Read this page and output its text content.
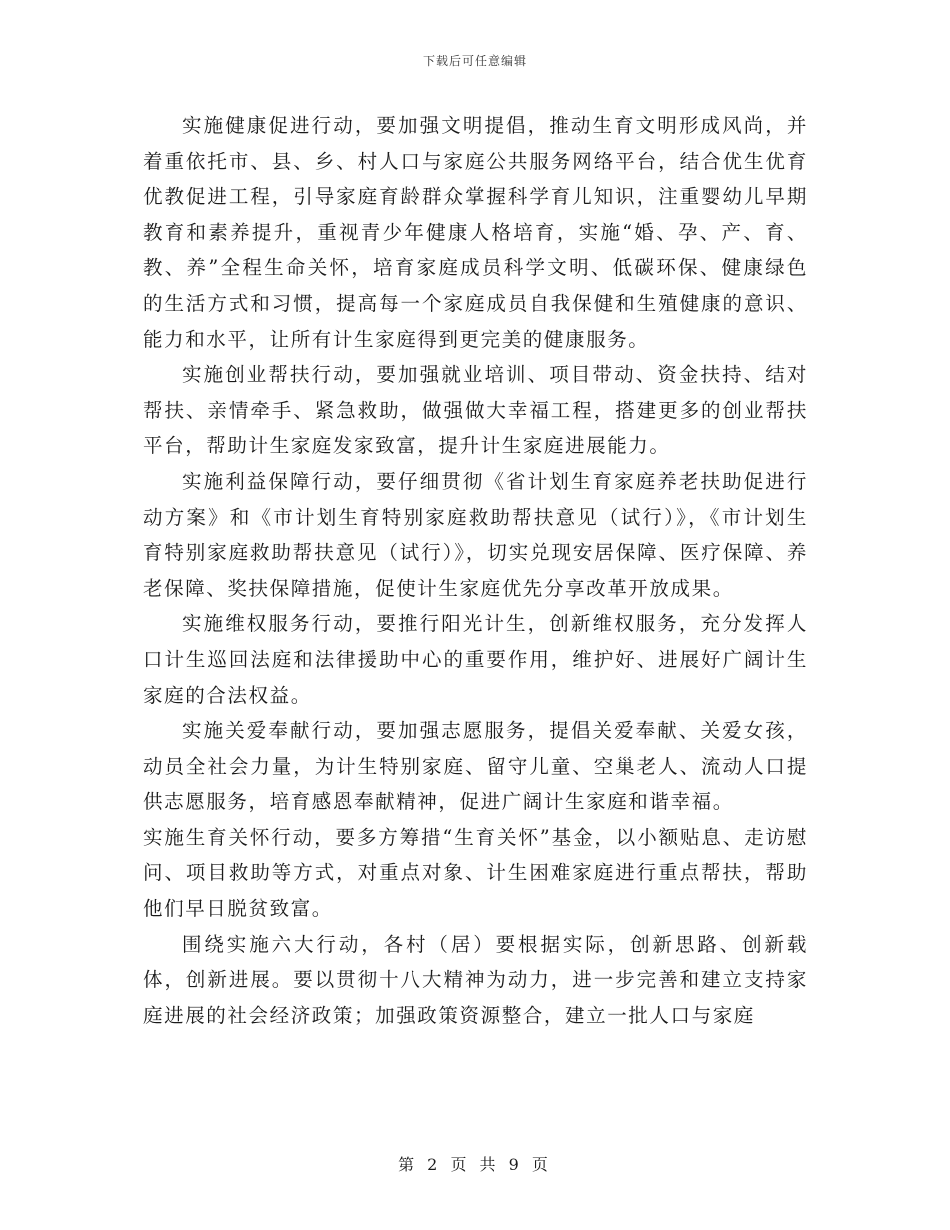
下载后可任意编辑

实施健康促进行动，要加强文明提倡，推动生育文明形成风尚，并着重依托市、县、乡、村人口与家庭公共服务网络平台，结合优生优育优教促进工程，引导家庭育龄群众掌握科学育儿知识，注重婴幼儿早期教育和素养提升，重视青少年健康人格培育，实施“婚、孕、产、育、教、养”全程生命关怀，培育家庭成员科学文明、低碳环保、健康绿色的生活方式和习惯，提高每一个家庭成员自我保健和生殖健康的意识、能力和水平，让所有计生家庭得到更完美的健康服务。

实施创业帮扶行动，要加强就业培训、项目带动、资金扶持、结对帮扶、亲情牵手、紧急救助，做强做大幸福工程，搭建更多的创业帮扶平台，帮助计生家庭发家致富，提升计生家庭进展能力。

实施利益保障行动，要仔细贯彻《省计划生育家庭养老扶助促进行动方案》和《市计划生育特别家庭救助帮扶意见（试行）》，《市计划生育特别家庭救助帮扶意见（试行）》，切实兑现安居保障、医疗保障、养老保障、奖扶保障措施，促使计生家庭优先分享改革开放成果。

实施维权服务行动，要推行阳光计生，创新维权服务，充分发挥人口计生巡回法庭和法律援助中心的重要作用，维护好、进展好广阔计生家庭的合法权益。

实施关爱奉献行动，要加强志愿服务，提倡关爱奉献、关爱女孩，动员全社会力量，为计生特别家庭、留守儿童、空巢老人、流动人口提供志愿服务，培育感恩奉献精神，促进广阔计生家庭和谐幸福。

实施生育关怀行动，要多方筹措“生育关怀”基金，以小额贴息、走访慰问、项目救助等方式，对重点对象、计生困难家庭进行重点帮扶，帮助他们早日脱贫致富。

围绕实施六大行动，各村（居）要根据实际，创新思路、创新载体，创新进展。要以贯彻十八大精神为动力，进一步完善和建立支持家庭进展的社会经济政策；加强政策资源整合，建立一批人口与家庭

第 2 页 共 9 页
